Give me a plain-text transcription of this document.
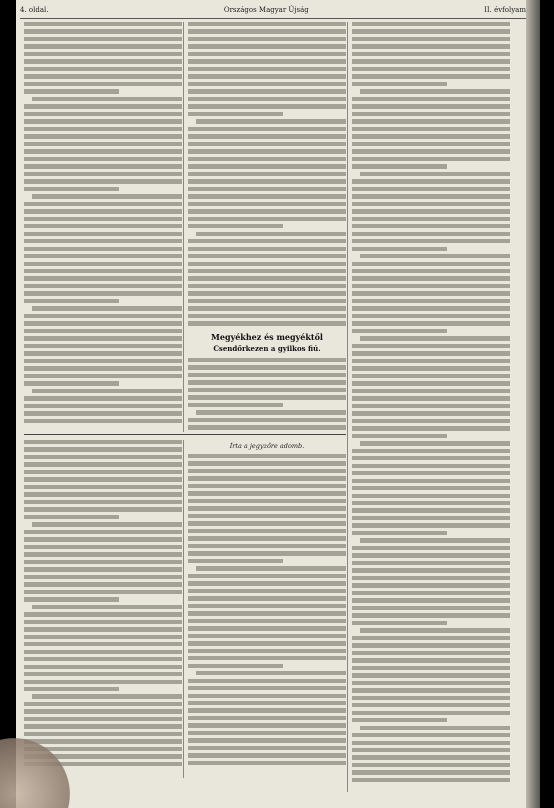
4. oldal.	Országos Magyar Újság	II. évfolyam
Megyékhez és megyéktől
Csendőrkezen a gyilkos fiú.
Írta a jegyzőre adomb.
